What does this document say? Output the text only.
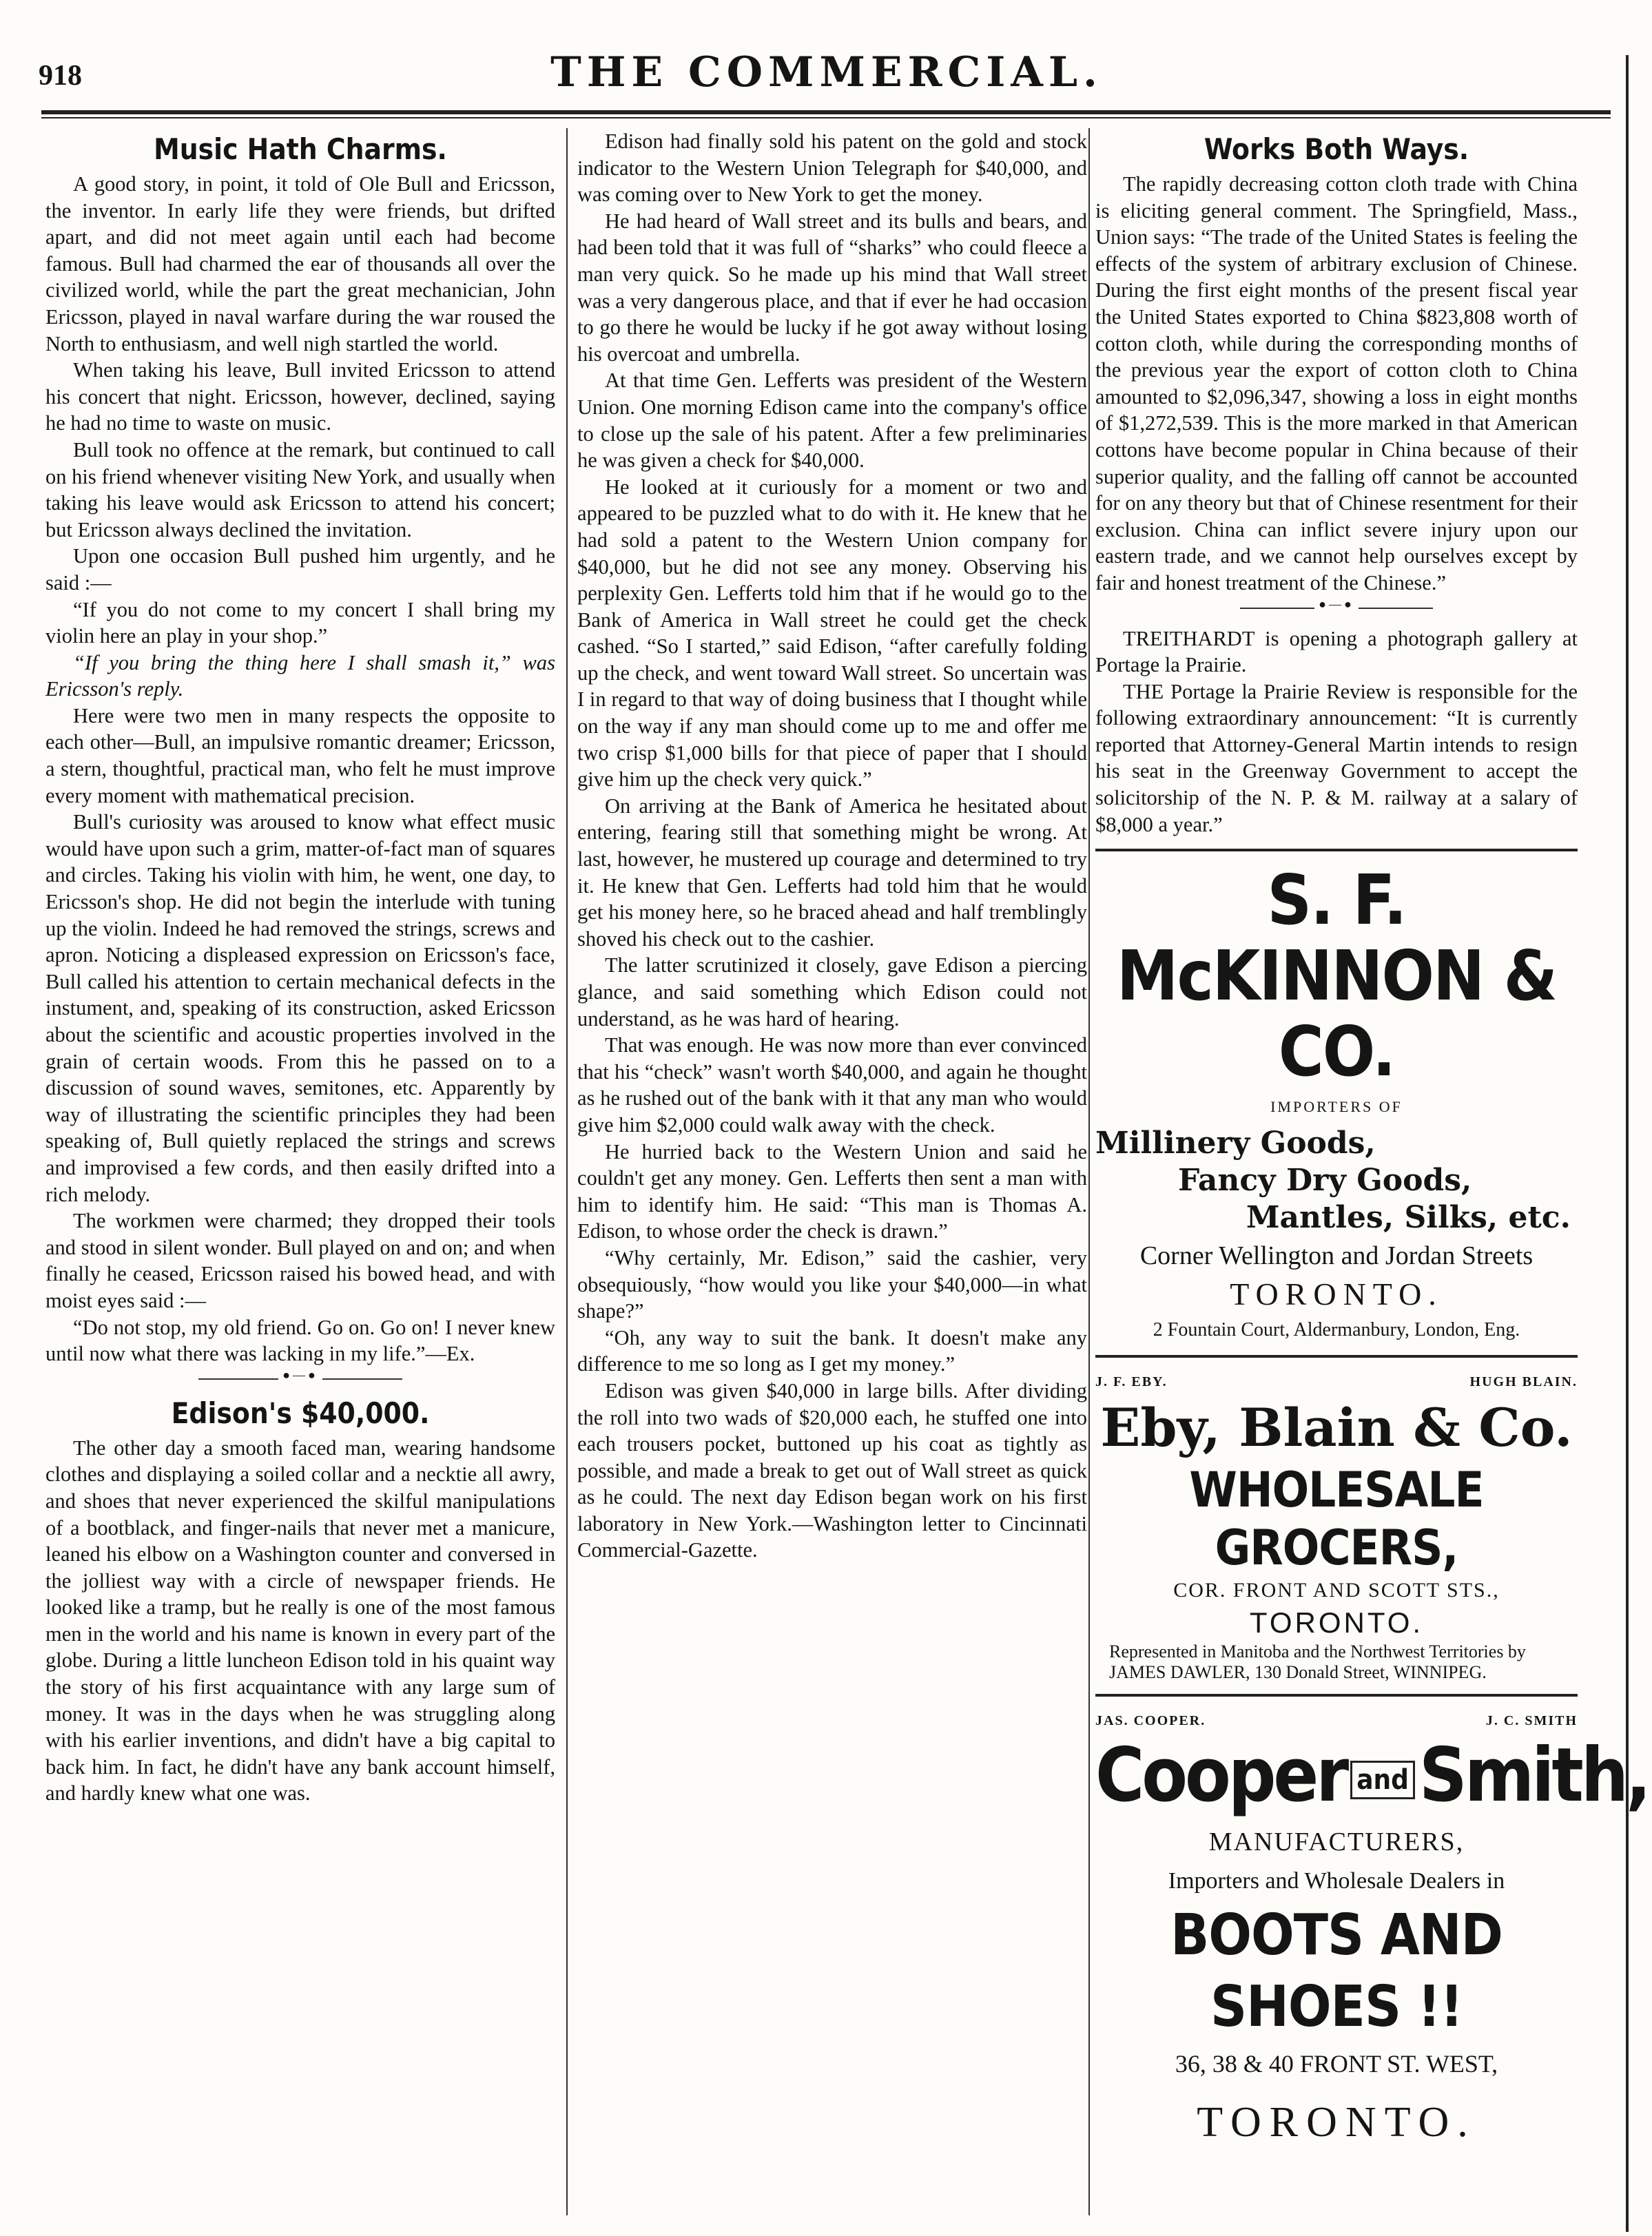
918	THE COMMERCIAL.
Music Hath Charms.

A good story, in point, it told of Ole Bull and Ericsson, the inventor. In early life they were friends, but drifted apart, and did not meet again until each had become famous. Bull had charmed the ear of thousands all over the civilized world, while the part the great mechanician, John Ericsson, played in naval warfare during the war roused the North to enthusiasm, and well nigh startled the world.

When taking his leave, Bull invited Ericsson to attend his concert that night. Ericsson, however, declined, saying he had no time to waste on music.

Bull took no offence at the remark, but continued to call on his friend whenever visiting New York, and usually when taking his leave would ask Ericsson to attend his concert; but Ericsson always declined the invitation.

Upon one occasion Bull pushed him urgently, and he said :—

“If you do not come to my concert I shall bring my violin here an play in your shop.”

“If you bring the thing here I shall smash it,” was Ericsson's reply.

Here were two men in many respects the opposite to each other—Bull, an impulsive romantic dreamer; Ericsson, a stern, thoughtful, practical man, who felt he must improve every moment with mathematical precision.

Bull's curiosity was aroused to know what effect music would have upon such a grim, matter-of-fact man of squares and circles. Taking his violin with him, he went, one day, to Ericsson's shop. He did not begin the interlude with tuning up the violin. Indeed he had removed the strings, screws and apron. Noticing a displeased expression on Ericsson's face, Bull called his attention to certain mechanical defects in the instument, and, speaking of its construction, asked Ericsson about the scientific and acoustic properties involved in the grain of certain woods. From this he passed on to a discussion of sound waves, semitones, etc. Apparently by way of illustrating the scientific principles they had been speaking of, Bull quietly replaced the strings and screws and improvised a few cords, and then easily drifted into a rich melody.

The workmen were charmed; they dropped their tools and stood in silent wonder. Bull played on and on; and when finally he ceased, Ericsson raised his bowed head, and with moist eyes said :—

“Do not stop, my old friend. Go on. Go on! I never knew until now what there was lacking in my life.”—Ex.

●—●
Edison's $40,000.

The other day a smooth faced man, wearing handsome clothes and displaying a soiled collar and a necktie all awry, and shoes that never experienced the skilful manipulations of a bootblack, and finger-nails that never met a manicure, leaned his elbow on a Washington counter and conversed in the jolliest way with a circle of newspaper friends. He looked like a tramp, but he really is one of the most famous men in the world and his name is known in every part of the globe. During a little luncheon Edison told in his quaint way the story of his first acquaintance with any large sum of money. It was in the days when he was struggling along with his earlier inventions, and didn't have a big capital to back him. In fact, he didn't have any bank account himself, and hardly knew what one was.

Edison had finally sold his patent on the gold and stock indicator to the Western Union Telegraph for $40,000, and was coming over to New York to get the money.

He had heard of Wall street and its bulls and bears, and had been told that it was full of “sharks” who could fleece a man very quick. So he made up his mind that Wall street was a very dangerous place, and that if ever he had occasion to go there he would be lucky if he got away without losing his overcoat and umbrella.

At that time Gen. Lefferts was president of the Western Union. One morning Edison came into the company's office to close up the sale of his patent. After a few preliminaries he was given a check for $40,000.

He looked at it curiously for a moment or two and appeared to be puzzled what to do with it. He knew that he had sold a patent to the Western Union company for $40,000, but he did not see any money. Observing his perplexity Gen. Lefferts told him that if he would go to the Bank of America in Wall street he could get the check cashed. “So I started,” said Edison, “after carefully folding up the check, and went toward Wall street. So uncertain was I in regard to that way of doing business that I thought while on the way if any man should come up to me and offer me two crisp $1,000 bills for that piece of paper that I should give him up the check very quick.”

On arriving at the Bank of America he hesitated about entering, fearing still that something might be wrong. At last, however, he mustered up courage and determined to try it. He knew that Gen. Lefferts had told him that he would get his money here, so he braced ahead and half tremblingly shoved his check out to the cashier.

The latter scrutinized it closely, gave Edison a piercing glance, and said something which Edison could not understand, as he was hard of hearing.

That was enough. He was now more than ever convinced that his “check” wasn't worth $40,000, and again he thought as he rushed out of the bank with it that any man who would give him $2,000 could walk away with the check.

He hurried back to the Western Union and said he couldn't get any money. Gen. Lefferts then sent a man with him to identify him. He said: “This man is Thomas A. Edison, to whose order the check is drawn.”

“Why certainly, Mr. Edison,” said the cashier, very obsequiously, “how would you like your $40,000—in what shape?”

“Oh, any way to suit the bank. It doesn't make any difference to me so long as I get my money.”

Edison was given $40,000 in large bills. After dividing the roll into two wads of $20,000 each, he stuffed one into each trousers pocket, buttoned up his coat as tightly as possible, and made a break to get out of Wall street as quick as he could. The next day Edison began work on his first laboratory in New York.—Washington letter to Cincinnati Commercial-Gazette.

Works Both Ways.

The rapidly decreasing cotton cloth trade with China is eliciting general comment. The Springfield, Mass., Union says: “The trade of the United States is feeling the effects of the system of arbitrary exclusion of Chinese. During the first eight months of the present fiscal year the United States exported to China $823,808 worth of cotton cloth, while during the corresponding months of the previous year the export of cotton cloth to China amounted to $2,096,347, showing a loss in eight months of $1,272,539. This is the more marked in that American cottons have become popular in China because of their superior quality, and the falling off cannot be accounted for on any theory but that of Chinese resentment for their exclusion. China can inflict severe injury upon our eastern trade, and we cannot help ourselves except by fair and honest treatment of the Chinese.”

●—●

TREITHARDT is opening a photograph gallery at Portage la Prairie.

THE Portage la Prairie Review is responsible for the following extraordinary announcement: “It is currently reported that Attorney-General Martin intends to resign his seat in the Greenway Government to accept the solicitorship of the N. P. & M. railway at a salary of $8,000 a year.”

S. F. McKINNON & CO.
IMPORTERS OF
Millinery Goods,
Fancy Dry Goods,
Mantles, Silks, etc.
Corner Wellington and Jordan Streets
TORONTO.
2 Fountain Court, Aldermanbury, London, Eng.
J. F. EBY.	HUGH BLAIN.
Eby, Blain & Co.
WHOLESALE GROCERS,
COR. FRONT AND SCOTT STS.,
TORONTO.
Represented in Manitoba and the Northwest Territories by JAMES DAWLER, 130 Donald Street, WINNIPEG.
JAS. COOPER.	J. C. SMITH
Cooper and Smith,
MANUFACTURERS,
Importers and Wholesale Dealers in
BOOTS AND SHOES !!
36, 38 & 40 FRONT ST. WEST,
TORONTO.
